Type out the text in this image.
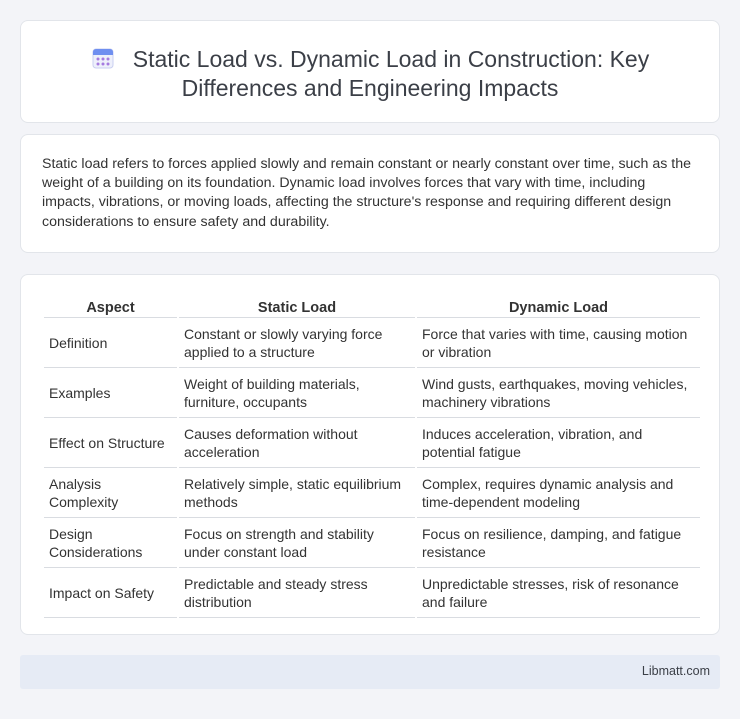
Static Load vs. Dynamic Load in Construction: Key Differences and Engineering Impacts

Static load refers to forces applied slowly and remain constant or nearly constant over time, such as the weight of a building on its foundation. Dynamic load involves forces that vary with time, including impacts, vibrations, or moving loads, affecting the structure's response and requiring different design considerations to ensure safety and durability.

Aspect	Static Load	Dynamic Load
Definition	Constant or slowly varying force applied to a structure	Force that varies with time, causing motion or vibration
Examples	Weight of building materials, furniture, occupants	Wind gusts, earthquakes, moving vehicles, machinery vibrations
Effect on Structure	Causes deformation without acceleration	Induces acceleration, vibration, and potential fatigue
Analysis Complexity	Relatively simple, static equilibrium methods	Complex, requires dynamic analysis and time-dependent modeling
Design Considerations	Focus on strength and stability under constant load	Focus on resilience, damping, and fatigue resistance
Impact on Safety	Predictable and steady stress distribution	Unpredictable stresses, risk of resonance and failure
Libmatt.com
